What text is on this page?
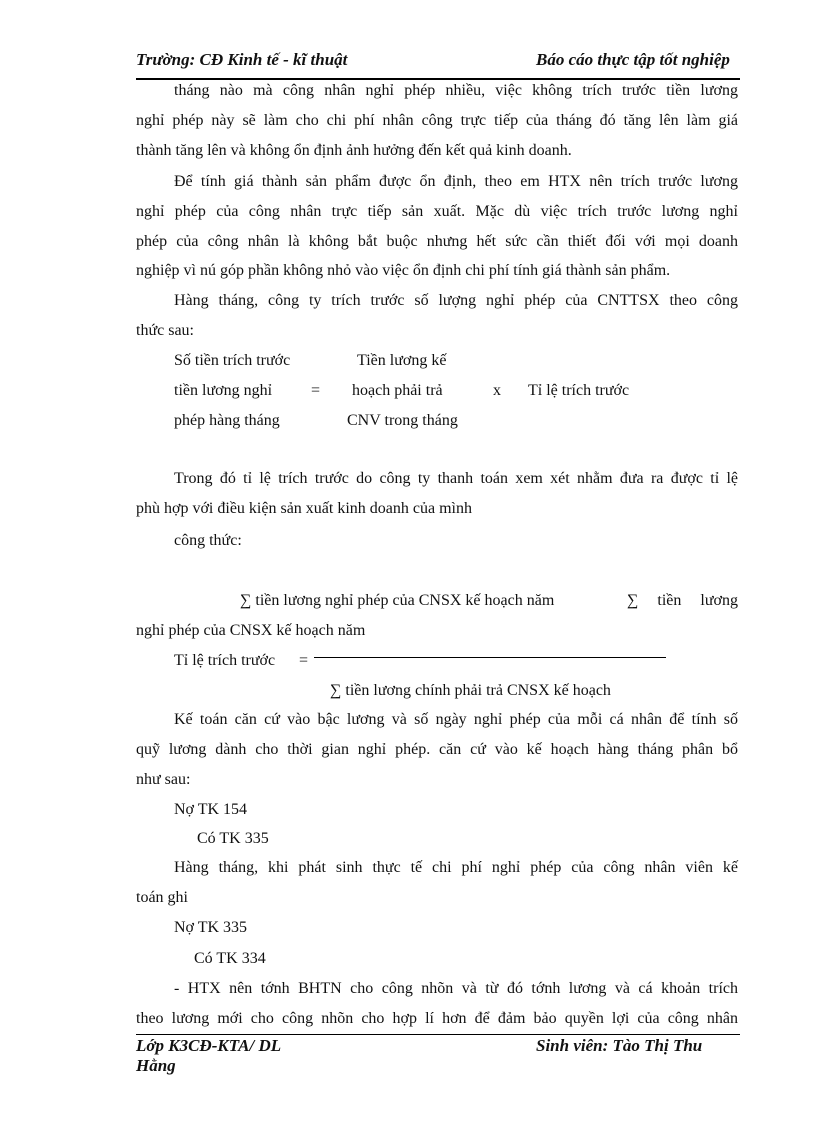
Trường: CĐ Kinh tế - kĩ thuật	Báo cáo thực tập tốt nghiệp
tháng nào mà công nhân nghỉ phép nhiều, việc không trích trước tiền lương
nghỉ phép này sẽ làm cho chi phí nhân công trực tiếp của tháng đó tăng lên làm giá
thành tăng lên và không ổn định ảnh hưởng đến kết quả kinh doanh.
Để tính giá thành sản phẩm được ổn định, theo em HTX nên trích trước lương
nghỉ phép của công nhân trực tiếp sản xuất. Mặc dù việc trích trước lương nghỉ
phép của công nhân là không bắt buộc nhưng hết sức cần thiết đối với mọi doanh
nghiệp vì nú góp phần không nhỏ vào việc ổn định chi phí tính giá thành sản phẩm.
Hàng tháng, công ty trích trước số lượng nghỉ phép của CNTTSX theo công
thức sau:
Số tiền trích trước
tiền lương nghỉ
phép hàng tháng
=
Tiền lương kế
hoạch phải trả
CNV trong tháng
x Tỉ lệ trích trước
Trong đó tỉ lệ trích trước do công ty thanh toán xem xét nhằm đưa ra được tỉ lệ
phù hợp với điều kiện sản xuất kinh doanh của mình
công thức:
∑ tiền lương nghỉ phép của CNSX kế hoạch năm	∑ tiền lương
nghỉ phép của CNSX kế hoạch năm
Tỉ lệ trích trước =
∑ tiền lương chính phải trả CNSX kế hoạch
Kế toán căn cứ vào bậc lương và số ngày nghỉ phép của mỗi cá nhân để tính số
quỹ lương dành cho thời gian nghỉ phép. căn cứ vào kế hoạch hàng tháng phân bổ
như sau:
Nợ TK 154
Có TK 335
Hàng tháng, khi phát sinh thực tế chi phí nghỉ phép của công nhân viên kế
toán ghi
Nợ TK 335
Có TK 334
- HTX nên tớnh BHTN cho công nhõn và từ đó tớnh lương và cá khoản trích
theo lương mới cho công nhõn cho hợp lí hơn để đảm bảo quyền lợi của công nhân
Lớp K3CĐ-KTA/ DL
Hằng
Sinh viên: Tào Thị Thu
